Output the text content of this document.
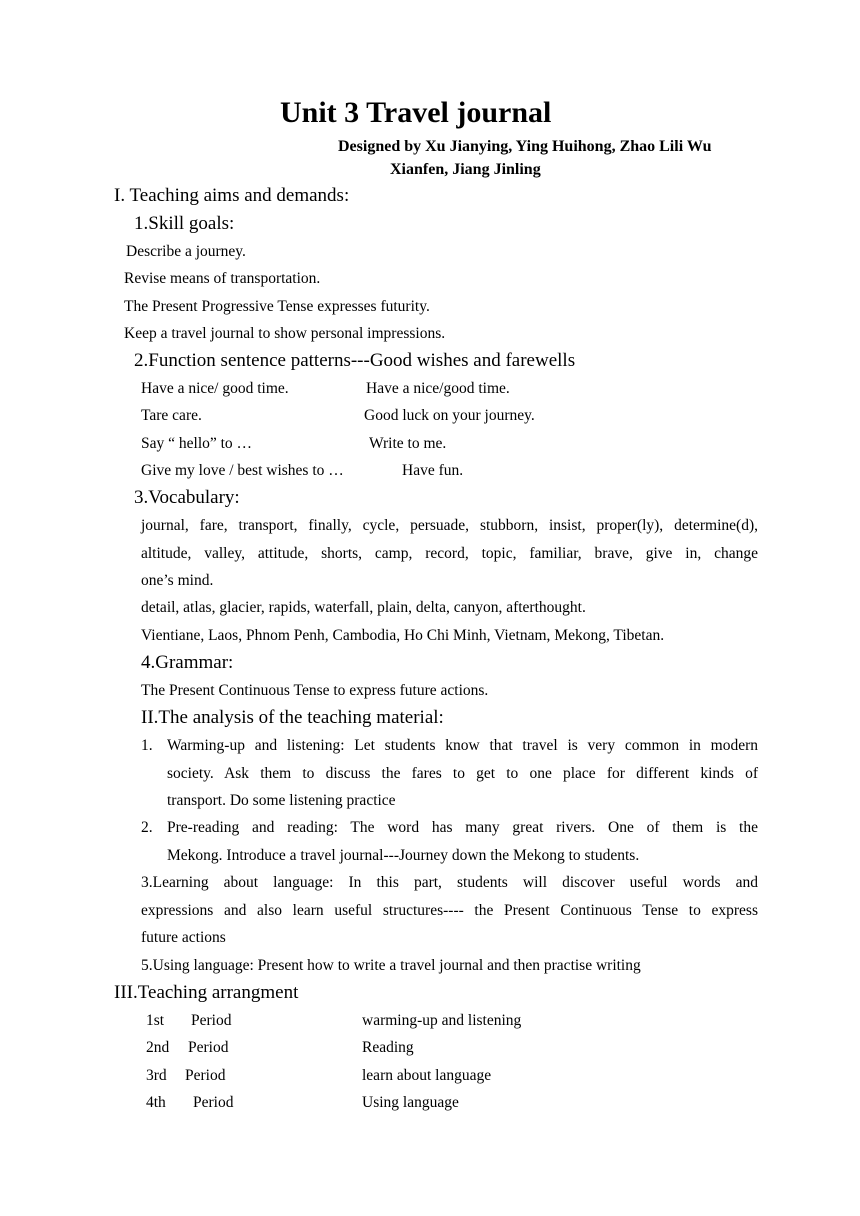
Unit 3 Travel journal
Designed by Xu Jianying, Ying Huihong, Zhao Lili Wu
Xianfen, Jiang Jinling
I. Teaching aims and demands:
1.Skill goals:
Describe a journey.
Revise means of transportation.
The Present Progressive Tense expresses futurity.
Keep a travel journal to show personal impressions.
2.Function sentence patterns---Good wishes and farewells
Have a nice/ good time.	Have a nice/good time.
Tare care.	Good luck on your journey.
Say “ hello” to …	Write to me.
Give my love / best wishes to …	Have fun.
3.Vocabulary:
journal, fare, transport, finally, cycle, persuade, stubborn, insist, proper(ly), determine(d),
altitude, valley, attitude, shorts, camp, record, topic, familiar, brave, give in, change
one’s mind.
detail, atlas, glacier, rapids, waterfall, plain, delta, canyon, afterthought.
Vientiane, Laos, Phnom Penh, Cambodia, Ho Chi Minh, Vietnam, Mekong, Tibetan.
4.Grammar:
The Present Continuous Tense to express future actions.
II.The analysis of the teaching material:
1. Warming-up and listening: Let students know that travel is very common in modern
society. Ask them to discuss the fares to get to one place for different kinds of
transport. Do some listening practice
2. Pre-reading and reading: The word has many great rivers. One of them is the
Mekong. Introduce a travel journal---Journey down the Mekong to students.
3.Learning about language: In this part, students will discover useful words and
expressions and also learn useful structures---- the Present Continuous Tense to express
future actions
5.Using language: Present how to write a travel journal and then practise writing
III.Teaching arrangment
1st Period	warming-up and listening
2nd Period	Reading
3rd Period	learn about language
4th Period	Using language
